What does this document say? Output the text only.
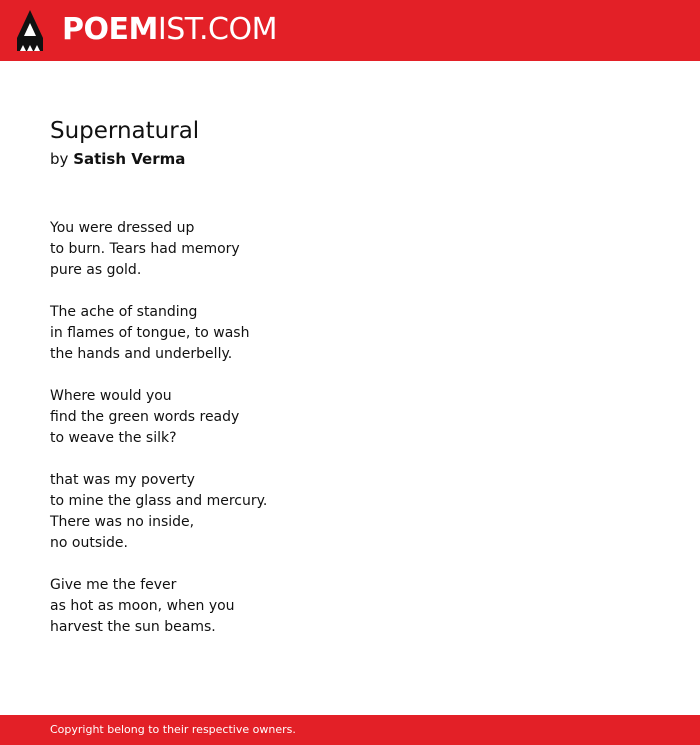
POEMIST.COM
Supernatural
by Satish Verma
You were dressed up
to burn. Tears had memory
pure as gold.
The ache of standing
in flames of tongue, to wash
the hands and underbelly.
Where would you
find the green words ready
to weave the silk?
that was my poverty
to mine the glass and mercury.
There was no inside,
no outside.
Give me the fever
as hot as moon, when you
harvest the sun beams.
Copyright belong to their respective owners.
